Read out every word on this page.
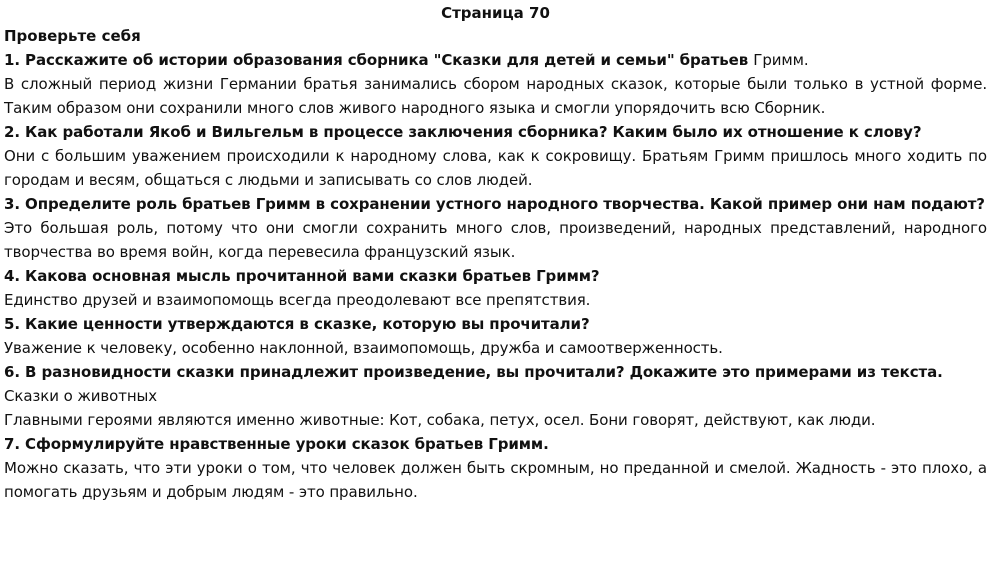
Страница 70
Проверьте себя
1. Расскажите об истории образования сборника "Сказки для детей и семьи" братьев Гримм.
В сложный период жизни Германии братья занимались сбором народных сказок, которые были только в устной форме. Таким образом они сохранили много слов живого народного языка и смогли упорядочить всю Сборник.
2. Как работали Якоб и Вильгельм в процессе заключения сборника? Каким было их отношение к слову?
Они с большим уважением происходили к народному слова, как к сокровищу. Братьям Гримм пришлось много ходить по городам и весям, общаться с людьми и записывать со слов людей.
3. Определите роль братьев Гримм в сохранении устного народного творчества. Какой пример они нам подают?
Это большая роль, потому что они смогли сохранить много слов, произведений, народных представлений, народного творчества во время войн, когда перевесила французский язык.
4. Какова основная мысль прочитанной вами сказки братьев Гримм?
Единство друзей и взаимопомощь всегда преодолевают все препятствия.
5. Какие ценности утверждаются в сказке, которую вы прочитали?
Уважение к человеку, особенно наклонной, взаимопомощь, дружба и самоотверженность.
6. В разновидности сказки принадлежит произведение, вы прочитали? Докажите это примерами из текста.
Сказки о животных
Главными героями являются именно животные: Кот, собака, петух, осел. Бони говорят, действуют, как люди.
7. Сформулируйте нравственные уроки сказок братьев Гримм.
Можно сказать, что эти уроки о том, что человек должен быть скромным, но преданной и смелой. Жадность - это плохо, а помогать друзьям и добрым людям - это правильно.
